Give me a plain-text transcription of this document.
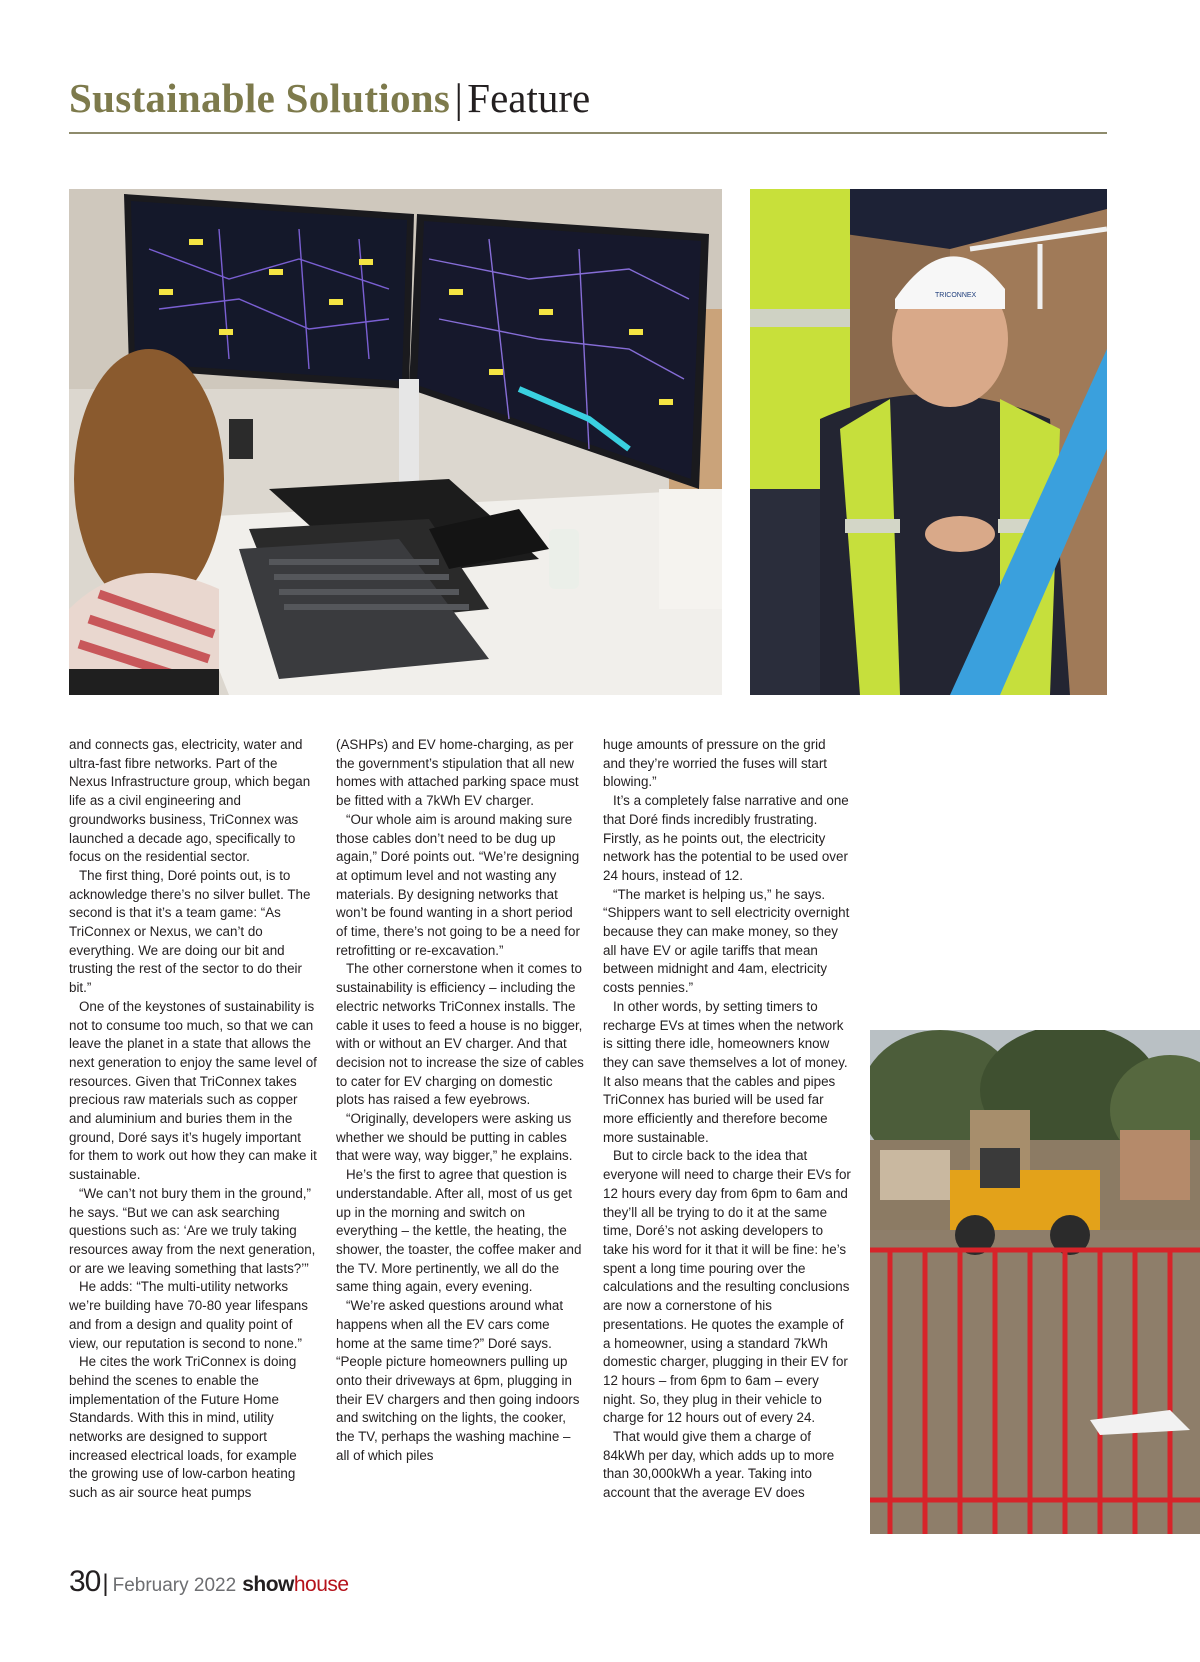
Sustainable Solutions | Feature
TRICONNEX

and connects gas, electricity, water and ultra-fast fibre networks. Part of the Nexus Infrastructure group, which began life as a civil engineering and groundworks business, TriConnex was launched a decade ago, specifically to focus on the residential sector.

The first thing, Doré points out, is to acknowledge there’s no silver bullet. The second is that it’s a team game: “As TriConnex or Nexus, we can’t do everything. We are doing our bit and trusting the rest of the sector to do their bit.”

One of the keystones of sustainability is not to consume too much, so that we can leave the planet in a state that allows the next generation to enjoy the same level of resources. Given that TriConnex takes precious raw materials such as copper and aluminium and buries them in the ground, Doré says it’s hugely important for them to work out how they can make it sustainable.

“We can’t not bury them in the ground,” he says. “But we can ask searching questions such as: ‘Are we truly taking resources away from the next generation, or are we leaving something that lasts?’”

He adds: “The multi-utility networks we’re building have 70-80 year lifespans and from a design and quality point of view, our reputation is second to none.”

He cites the work TriConnex is doing behind the scenes to enable the implementation of the Future Home Standards. With this in mind, utility networks are designed to support increased electrical loads, for example the growing use of low-carbon heating such as air source heat pumps

(ASHPs) and EV home-charging, as per the government’s stipulation that all new homes with attached parking space must be fitted with a 7kWh EV charger.

“Our whole aim is around making sure those cables don’t need to be dug up again,” Doré points out. “We’re designing at optimum level and not wasting any materials. By designing networks that won’t be found wanting in a short period of time, there’s not going to be a need for retrofitting or re-excavation.”

The other cornerstone when it comes to sustainability is efficiency – including the electric networks TriConnex installs. The cable it uses to feed a house is no bigger, with or without an EV charger. And that decision not to increase the size of cables to cater for EV charging on domestic plots has raised a few eyebrows.

“Originally, developers were asking us whether we should be putting in cables that were way, way bigger,” he explains.

He’s the first to agree that question is understandable. After all, most of us get up in the morning and switch on everything – the kettle, the heating, the shower, the toaster, the coffee maker and the TV. More pertinently, we all do the same thing again, every evening.

“We’re asked questions around what happens when all the EV cars come home at the same time?” Doré says. “People picture homeowners pulling up onto their driveways at 6pm, plugging in their EV chargers and then going indoors and switching on the lights, the cooker, the TV, perhaps the washing machine – all of which piles

huge amounts of pressure on the grid and they’re worried the fuses will start blowing.”

It’s a completely false narrative and one that Doré finds incredibly frustrating. Firstly, as he points out, the electricity network has the potential to be used over 24 hours, instead of 12.

“The market is helping us,” he says. “Shippers want to sell electricity overnight because they can make money, so they all have EV or agile tariffs that mean between midnight and 4am, electricity costs pennies.”

In other words, by setting timers to recharge EVs at times when the network is sitting there idle, homeowners know they can save themselves a lot of money. It also means that the cables and pipes TriConnex has buried will be used far more efficiently and therefore become more sustainable.

But to circle back to the idea that everyone will need to charge their EVs for 12 hours every day from 6pm to 6am and they’ll all be trying to do it at the same time, Doré’s not asking developers to take his word for it that it will be fine: he’s spent a long time pouring over the calculations and the resulting conclusions are now a cornerstone of his presentations. He quotes the example of a homeowner, using a standard 7kWh domestic charger, plugging in their EV for 12 hours – from 6pm to 6am – every night. So, they plug in their vehicle to charge for 12 hours out of every 24.

That would give them a charge of 84kWh per day, which adds up to more than 30,000kWh a year. Taking into account that the average EV does

30| February 2022 showhouse
